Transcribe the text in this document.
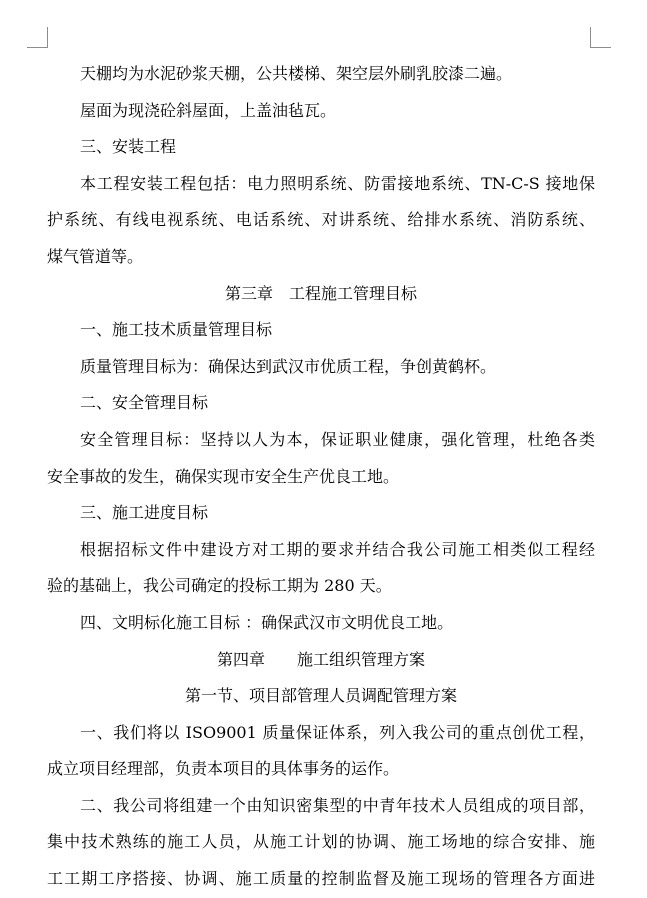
天棚均为水泥砂浆天棚，公共楼梯、架空层外刷乳胶漆二遍。

屋面为现浇砼斜屋面，上盖油毡瓦。

三、安装工程

本工程安装工程包括：电力照明系统、防雷接地系统、TN-C-S 接地保

护系统、有线电视系统、电话系统、对讲系统、给排水系统、消防系统、

煤气管道等。

第三章　工程施工管理目标

一、施工技术质量管理目标

质量管理目标为：确保达到武汉市优质工程，争创黄鹤杯。

二、安全管理目标

安全管理目标：坚持以人为本，保证职业健康，强化管理，杜绝各类

安全事故的发生，确保实现市安全生产优良工地。

三、施工进度目标

根据招标文件中建设方对工期的要求并结合我公司施工相类似工程经

验的基础上，我公司确定的投标工期为 280 天。

四、文明标化施工目标 ：确保武汉市文明优良工地。

第四章　　施工组织管理方案

第一节、项目部管理人员调配管理方案

一、我们将以 ISO9001 质量保证体系，列入我公司的重点创优工程，

成立项目经理部，负责本项目的具体事务的运作。

二、我公司将组建一个由知识密集型的中青年技术人员组成的项目部，

集中技术熟练的施工人员，从施工计划的协调、施工场地的综合安排、施

工工期工序搭接、协调、施工质量的控制监督及施工现场的管理各方面进
